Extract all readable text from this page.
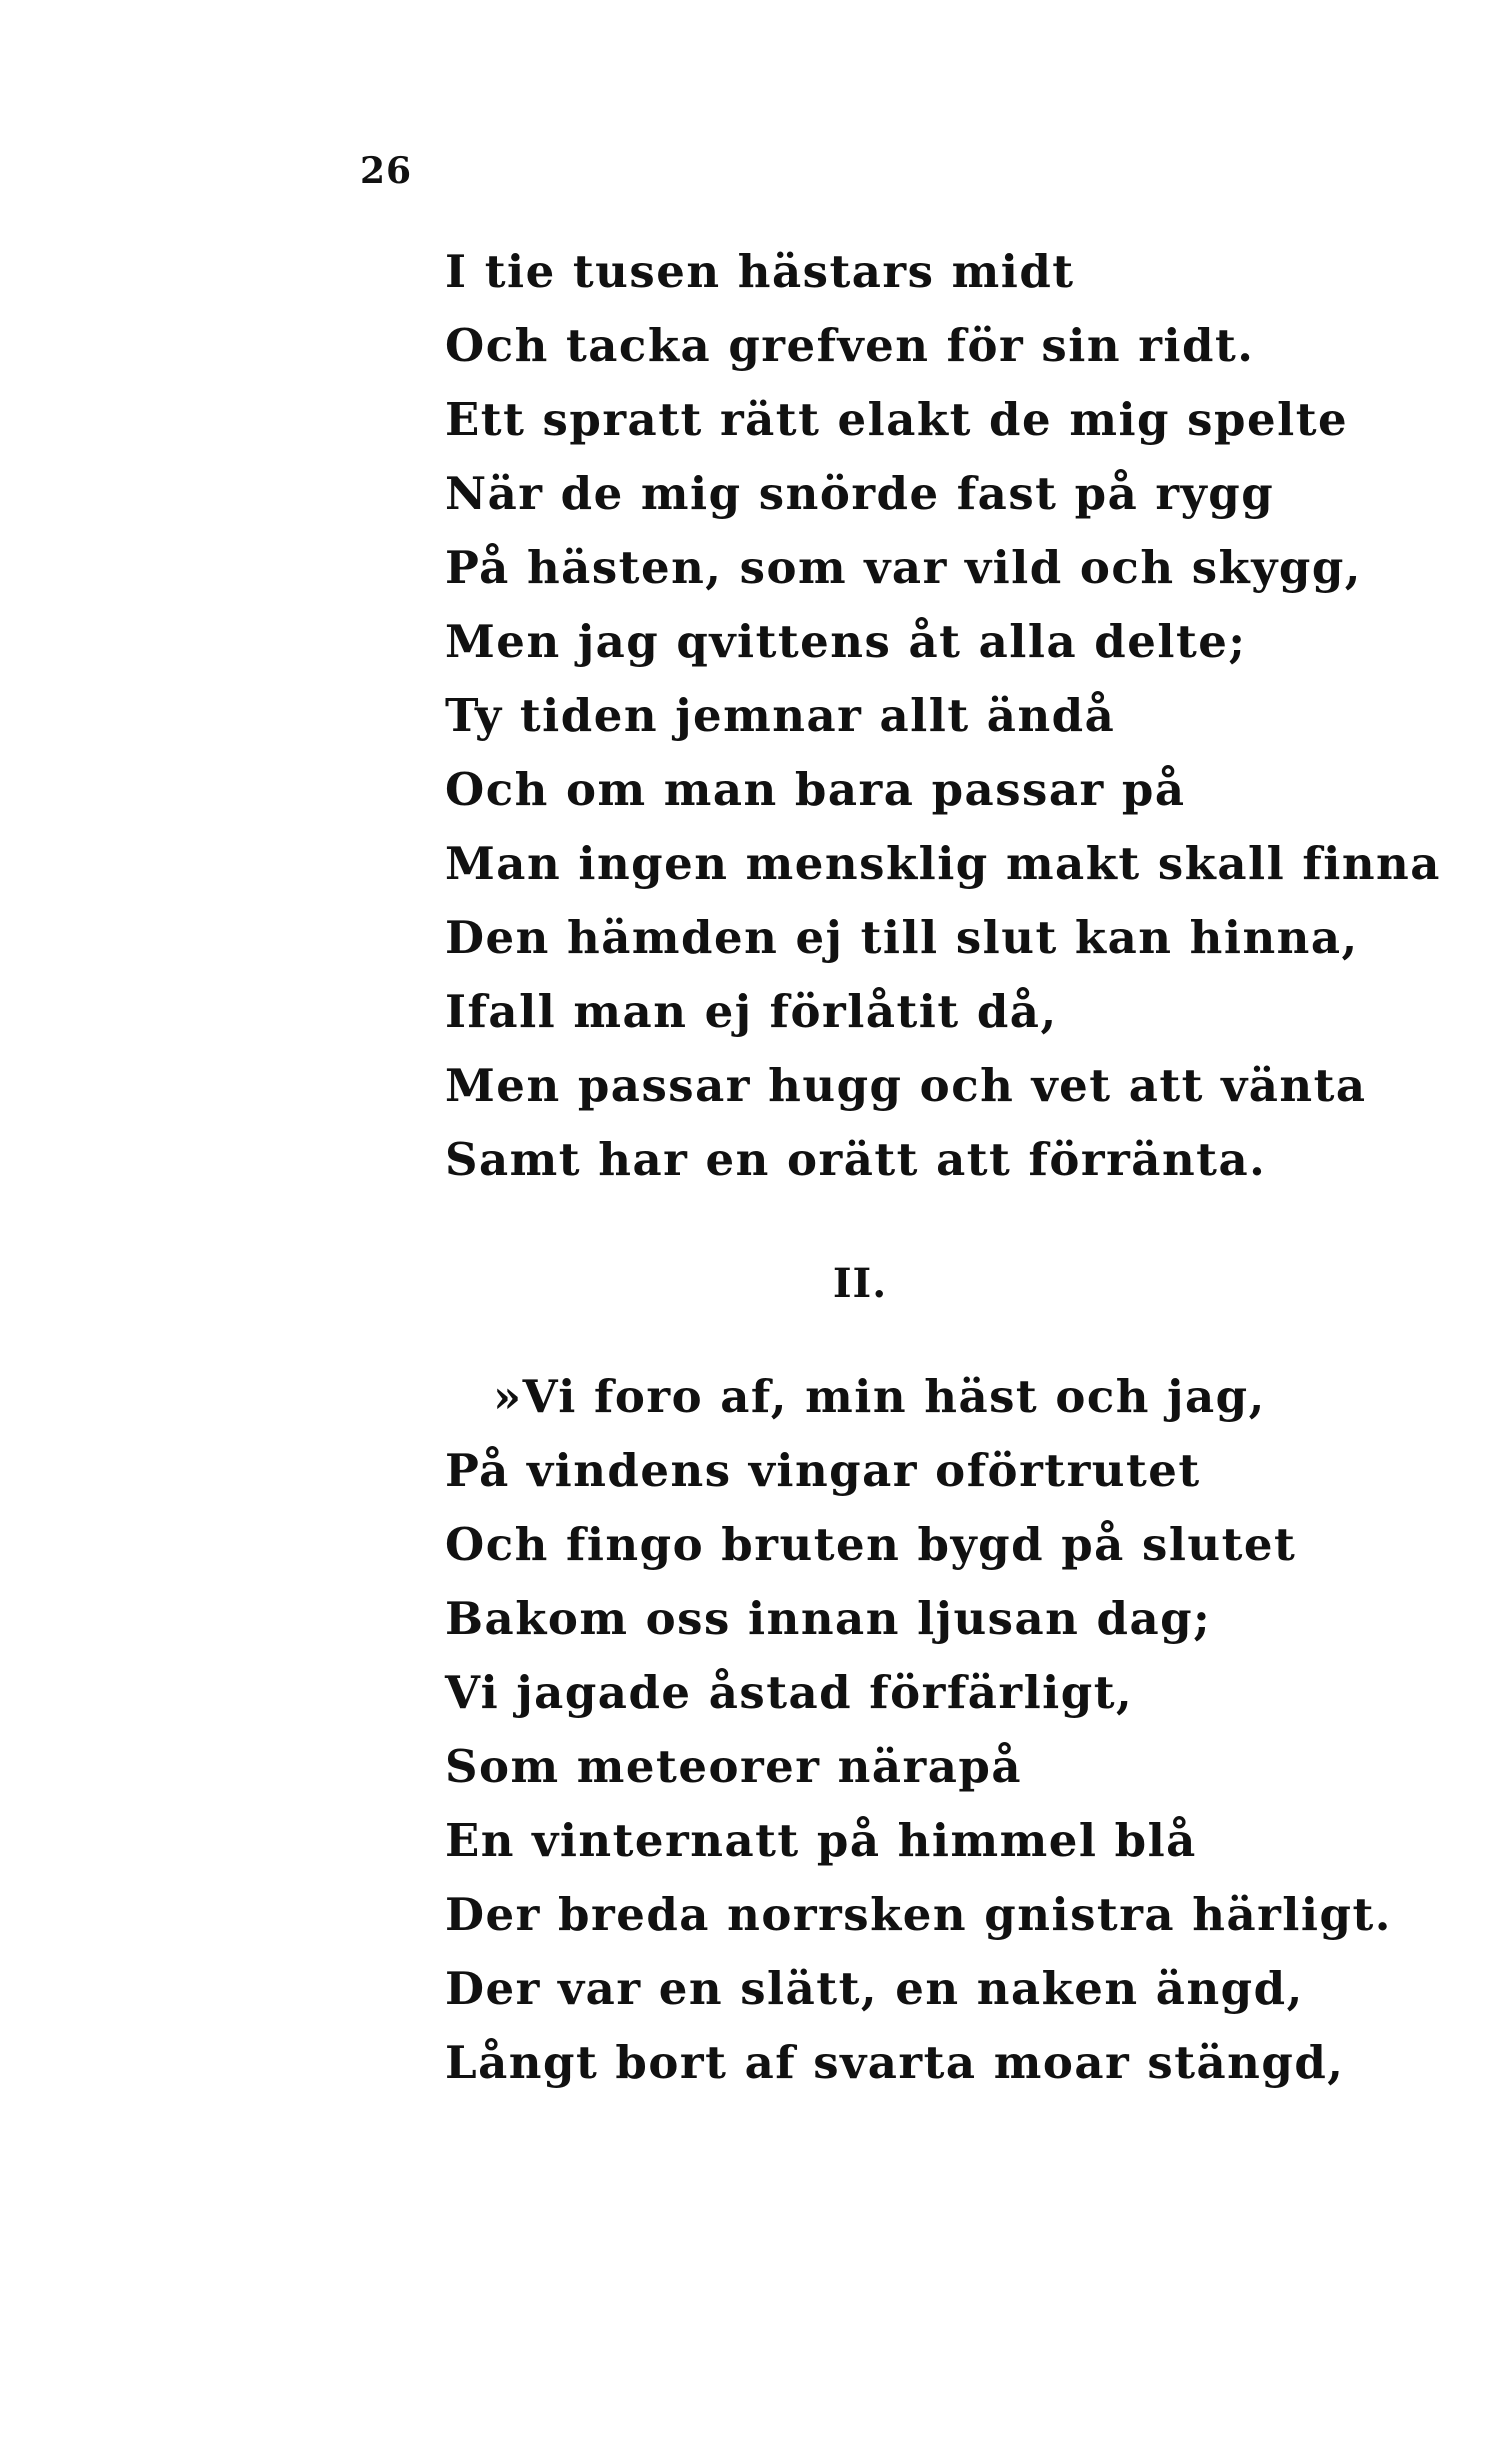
26
I tie tusen hästars midt
Och tacka grefven för sin ridt.
Ett spratt rätt elakt de mig spelte
När de mig snörde fast på rygg
På hästen, som var vild och skygg,
Men jag qvittens åt alla delte;
Ty tiden jemnar allt ändå
Och om man bara passar på
Man ingen mensklig makt skall finna
Den hämden ej till slut kan hinna,
Ifall man ej förlåtit då,
Men passar hugg och vet att vänta
Samt har en orätt att förränta.
II.
»Vi foro af, min häst och jag,
På vindens vingar oförtrutet
Och fingo bruten bygd på slutet
Bakom oss innan ljusan dag;
Vi jagade åstad förfärligt,
Som meteorer närapå
En vinternatt på himmel blå
Der breda norrsken gnistra härligt.
Der var en slätt, en naken ängd,
Långt bort af svarta moar stängd,
